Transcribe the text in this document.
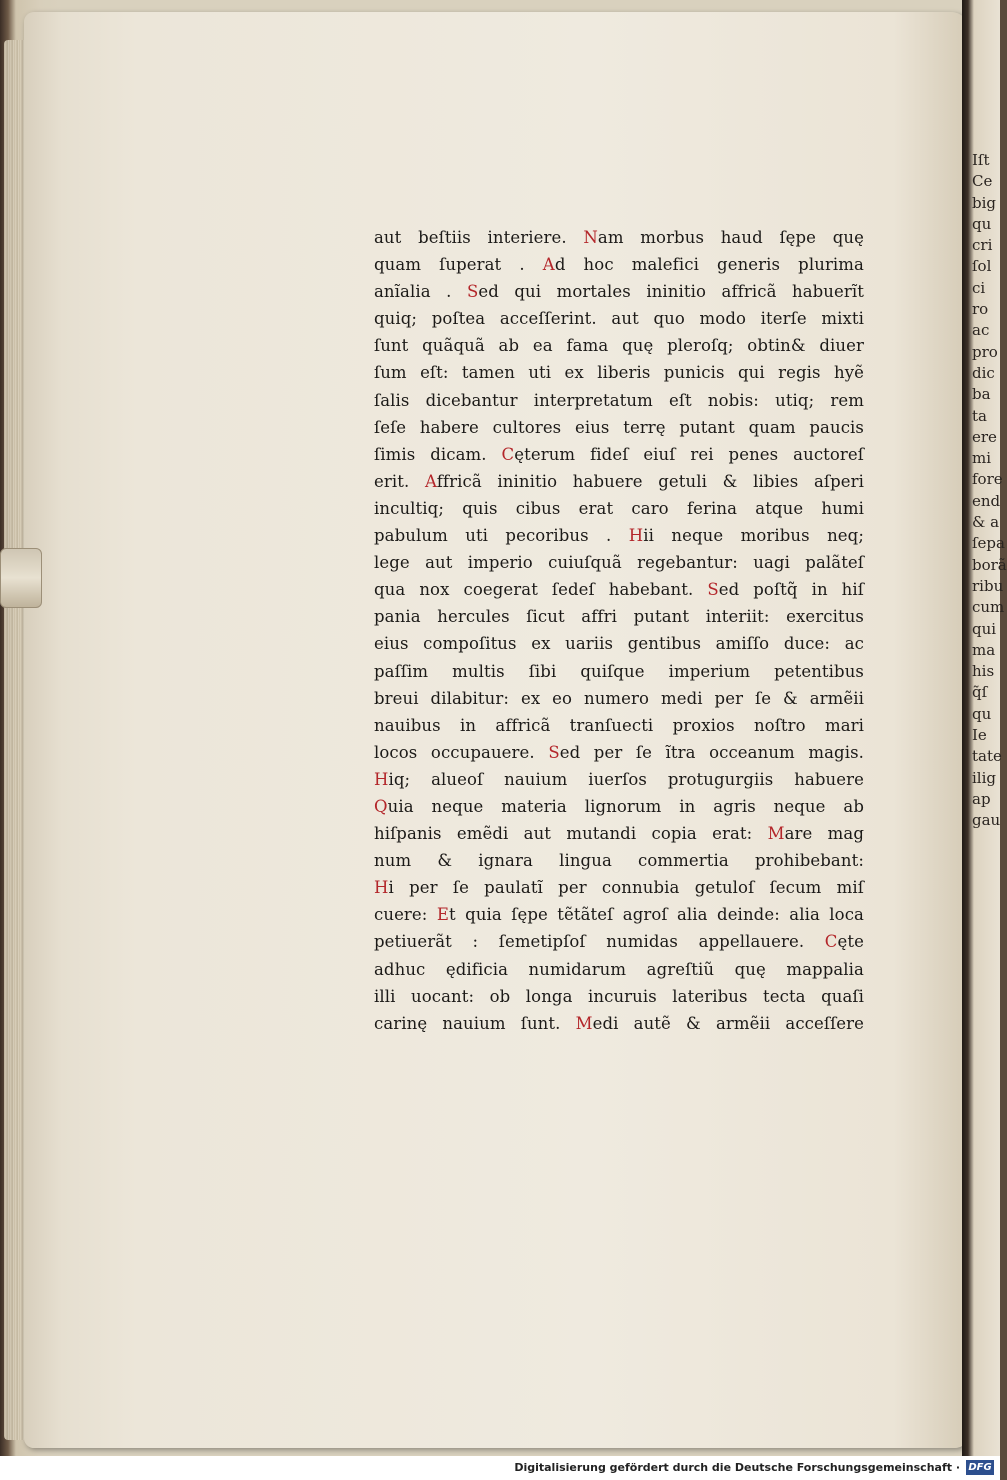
Iſt
Ce
big
qu
cri
ſol
ci
ro
ac
pro
dic
ba
ta
ere
mi
fore
end
& a
ſepa
borã
ribu
cum
qui
ma
his
q̃ſ
qu
Ie
tate
ilig
ap
gau
aut beſtiis interiere. Nam morbus haud ſępe quę
quam ſuperat . Ad hoc malefici generis plurima
anĩalia . Sed qui mortales ininitio affricã habuerĩt
quiq; poſtea acceſſerint. aut quo modo iterſe mixti
ſunt quãquã ab ea fama quę pleroſq; obtin& diuer
ſum eſt: tamen uti ex liberis punicis qui regis hyẽ
ſalis dicebantur interpretatum eſt nobis: utiq; rem
ſeſe habere cultores eius terrę putant quam paucis
ſimis dicam. Cęterum fideſ eiuſ rei penes auctoreſ
erit. Affricã ininitio habuere getuli & libies aſperi
incultiq; quis cibus erat caro ferina atque humi
pabulum uti pecoribus . Hii neque moribus neq;
lege aut imperio cuiuſquã regebantur: uagi palãteſ
qua nox coegerat ſedeſ habebant. Sed poſtq̃ in hiſ
pania hercules ſicut affri putant interiit: exercitus
eius compoſitus ex uariis gentibus amiſſo duce: ac
paſſim multis ſibi quiſque imperium petentibus
breui dilabitur: ex eo numero medi per ſe & armẽii
nauibus in affricã tranſuecti proxios noſtro mari
locos occupauere. Sed per ſe ĩtra occeanum magis.
Hiq; alueoſ nauium iuerſos protugurgiis habuere
Quia neque materia lignorum in agris neque ab
hiſpanis emẽdi aut mutandi copia erat: Mare mag
num & ignara lingua commertia prohibebant:
Hi per ſe paulatĩ per connubia getuloſ ſecum miſ
cuere: Et quia ſępe tẽtãteſ agroſ alia deinde: alia loca
petiuerãt : ſemetipſoſ numidas appellauere. Cęte
adhuc ędificia numidarum agreſtiũ quę mappalia
illi uocant: ob longa incuruis lateribus tecta quaſi
carinę nauium ſunt. Medi autẽ & armẽii acceſſere
Digitalisierung gefördert durch die Deutsche Forschungsgemeinschaft · DFG
